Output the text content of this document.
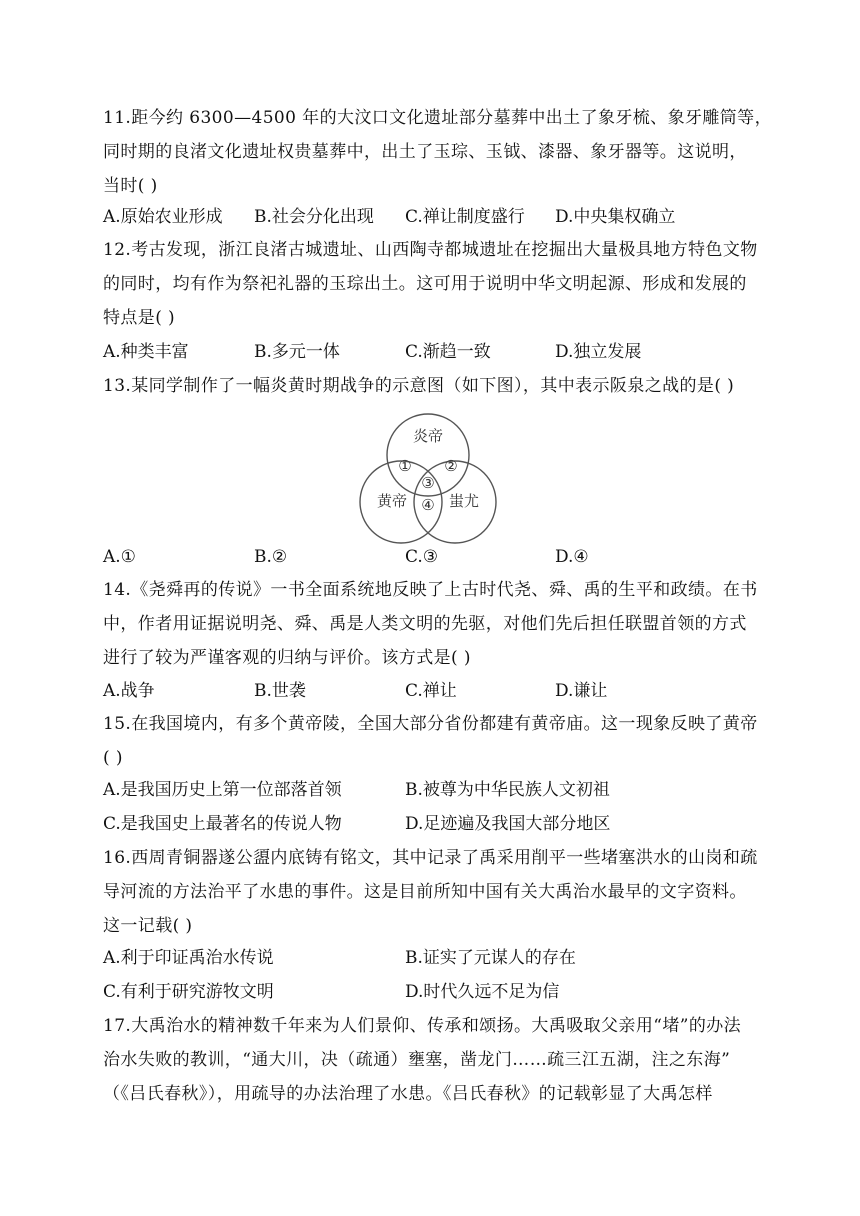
11.距今约 6300—4500 年的大汶口文化遗址部分墓葬中出土了象牙梳、象牙雕筒等，
同时期的良渚文化遗址权贵墓葬中，出土了玉琮、玉钺、漆器、象牙器等。这说明，
当时( )
A.原始农业形成 B.社会分化出现 C.禅让制度盛行 D.中央集权确立
12.考古发现，浙江良渚古城遗址、山西陶寺都城遗址在挖掘出大量极具地方特色文物
的同时，均有作为祭祀礼器的玉琮出土。这可用于说明中华文明起源、形成和发展的
特点是( )
A.种类丰富	B.多元一体	C.渐趋一致	D.独立发展
13.某同学制作了一幅炎黄时期战争的示意图（如下图），其中表示阪泉之战的是( )
炎帝
黄帝	蚩尤
① ②
③
④
A.①	B.②	C.③	D.④
14.《尧舜再的传说》一书全面系统地反映了上古时代尧、舜、禹的生平和政绩。在书
中，作者用证据说明尧、舜、禹是人类文明的先驱，对他们先后担任联盟首领的方式
进行了较为严谨客观的归纳与评价。该方式是( )
A.战争	B.世袭	C.禅让	D.谦让
15.在我国境内，有多个黄帝陵，全国大部分省份都建有黄帝庙。这一现象反映了黄帝
( )
A.是我国历史上第一位部落首领	B.被尊为中华民族人文初祖
C.是我国史上最著名的传说人物	D.足迹遍及我国大部分地区
16.西周青铜器遂公盨内底铸有铭文，其中记录了禹采用削平一些堵塞洪水的山岗和疏
导河流的方法治平了水患的事件。这是目前所知中国有关大禹治水最早的文字资料。
这一记载( )
A.利于印证禹治水传说	B.证实了元谋人的存在
C.有利于研究游牧文明	D.时代久远不足为信
17.大禹治水的精神数千年来为人们景仰、传承和颂扬。大禹吸取父亲用“堵”的办法
治水失败的教训，“通大川，决（疏通）壅塞，凿龙门……疏三江五湖，注之东海”
（《吕氏春秋》），用疏导的办法治理了水患。《吕氏春秋》的记载彰显了大禹怎样
